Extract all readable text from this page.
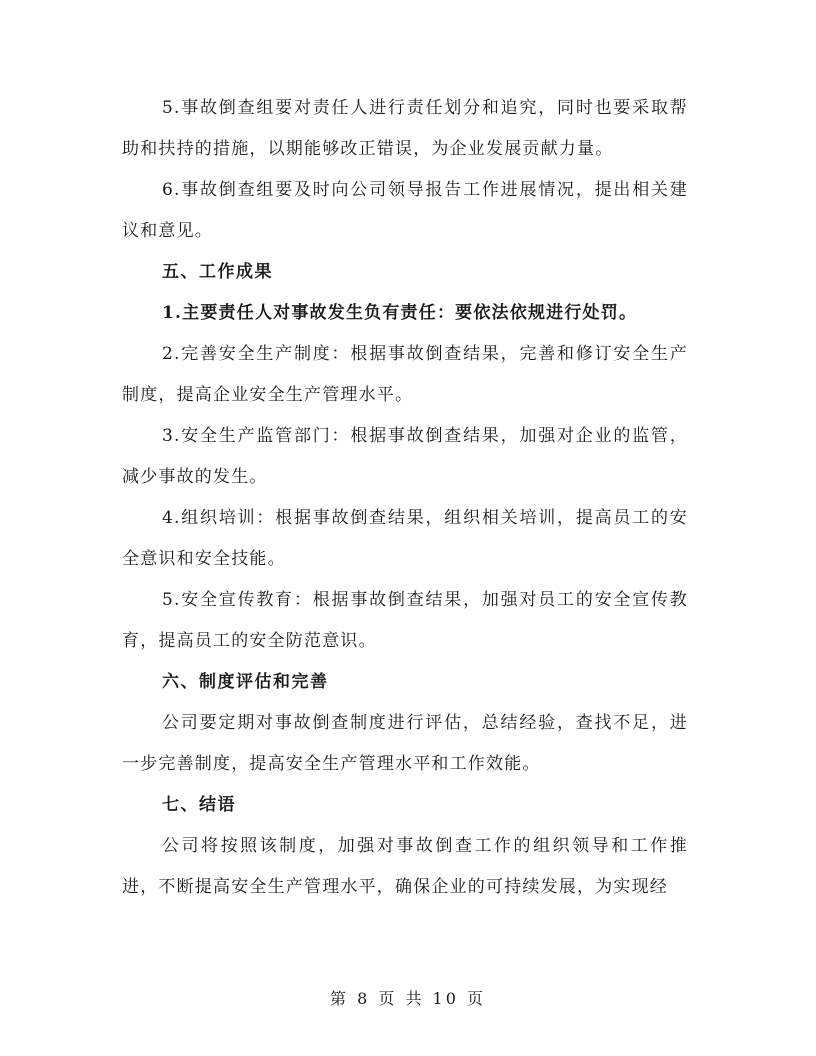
5.事故倒查组要对责任人进行责任划分和追究，同时也要采取帮助和扶持的措施，以期能够改正错误，为企业发展贡献力量。

6.事故倒查组要及时向公司领导报告工作进展情况，提出相关建议和意见。

五、工作成果

1.主要责任人对事故发生负有责任：要依法依规进行处罚。

2.完善安全生产制度：根据事故倒查结果，完善和修订安全生产制度，提高企业安全生产管理水平。

3.安全生产监管部门：根据事故倒查结果，加强对企业的监管，减少事故的发生。

4.组织培训：根据事故倒查结果，组织相关培训，提高员工的安全意识和安全技能。

5.安全宣传教育：根据事故倒查结果，加强对员工的安全宣传教育，提高员工的安全防范意识。

六、制度评估和完善

公司要定期对事故倒查制度进行评估，总结经验，查找不足，进一步完善制度，提高安全生产管理水平和工作效能。

七、结语

公司将按照该制度，加强对事故倒查工作的组织领导和工作推进，不断提高安全生产管理水平，确保企业的可持续发展，为实现经

第 8 页 共 10 页
